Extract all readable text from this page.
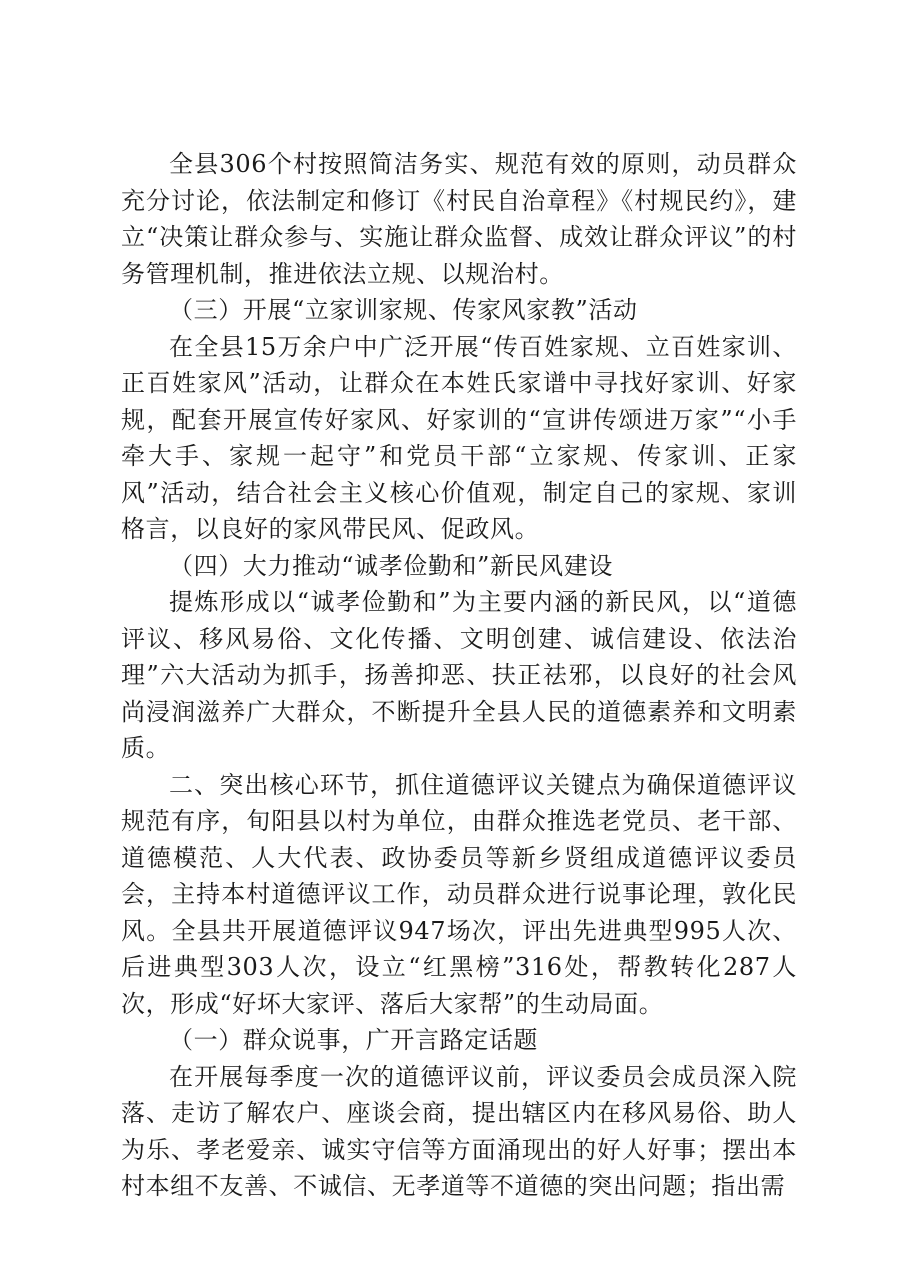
全县306个村按照简洁务实、规范有效的原则，动员群众充分讨论，依法制定和修订《村民自治章程》《村规民约》，建立“决策让群众参与、实施让群众监督、成效让群众评议”的村务管理机制，推进依法立规、以规治村。

（三）开展“立家训家规、传家风家教”活动

在全县15万余户中广泛开展“传百姓家规、立百姓家训、正百姓家风”活动，让群众在本姓氏家谱中寻找好家训、好家规，配套开展宣传好家风、好家训的“宣讲传颂进万家”“小手牵大手、家规一起守”和党员干部“立家规、传家训、正家风”活动，结合社会主义核心价值观，制定自己的家规、家训格言，以良好的家风带民风、促政风。

（四）大力推动“诚孝俭勤和”新民风建设

提炼形成以“诚孝俭勤和”为主要内涵的新民风，以“道德评议、移风易俗、文化传播、文明创建、诚信建设、依法治理”六大活动为抓手，扬善抑恶、扶正祛邪，以良好的社会风尚浸润滋养广大群众，不断提升全县人民的道德素养和文明素质。

二、突出核心环节，抓住道德评议关键点为确保道德评议规范有序，旬阳县以村为单位，由群众推选老党员、老干部、道德模范、人大代表、政协委员等新乡贤组成道德评议委员会，主持本村道德评议工作，动员群众进行说事论理，敦化民风。全县共开展道德评议947场次，评出先进典型995人次、后进典型303人次，设立“红黑榜”316处，帮教转化287人次，形成“好坏大家评、落后大家帮”的生动局面。

（一）群众说事，广开言路定话题

在开展每季度一次的道德评议前，评议委员会成员深入院落、走访了解农户、座谈会商，提出辖区内在移风易俗、助人为乐、孝老爱亲、诚实守信等方面涌现出的好人好事；摆出本村本组不友善、不诚信、无孝道等不道德的突出问题；指出需
